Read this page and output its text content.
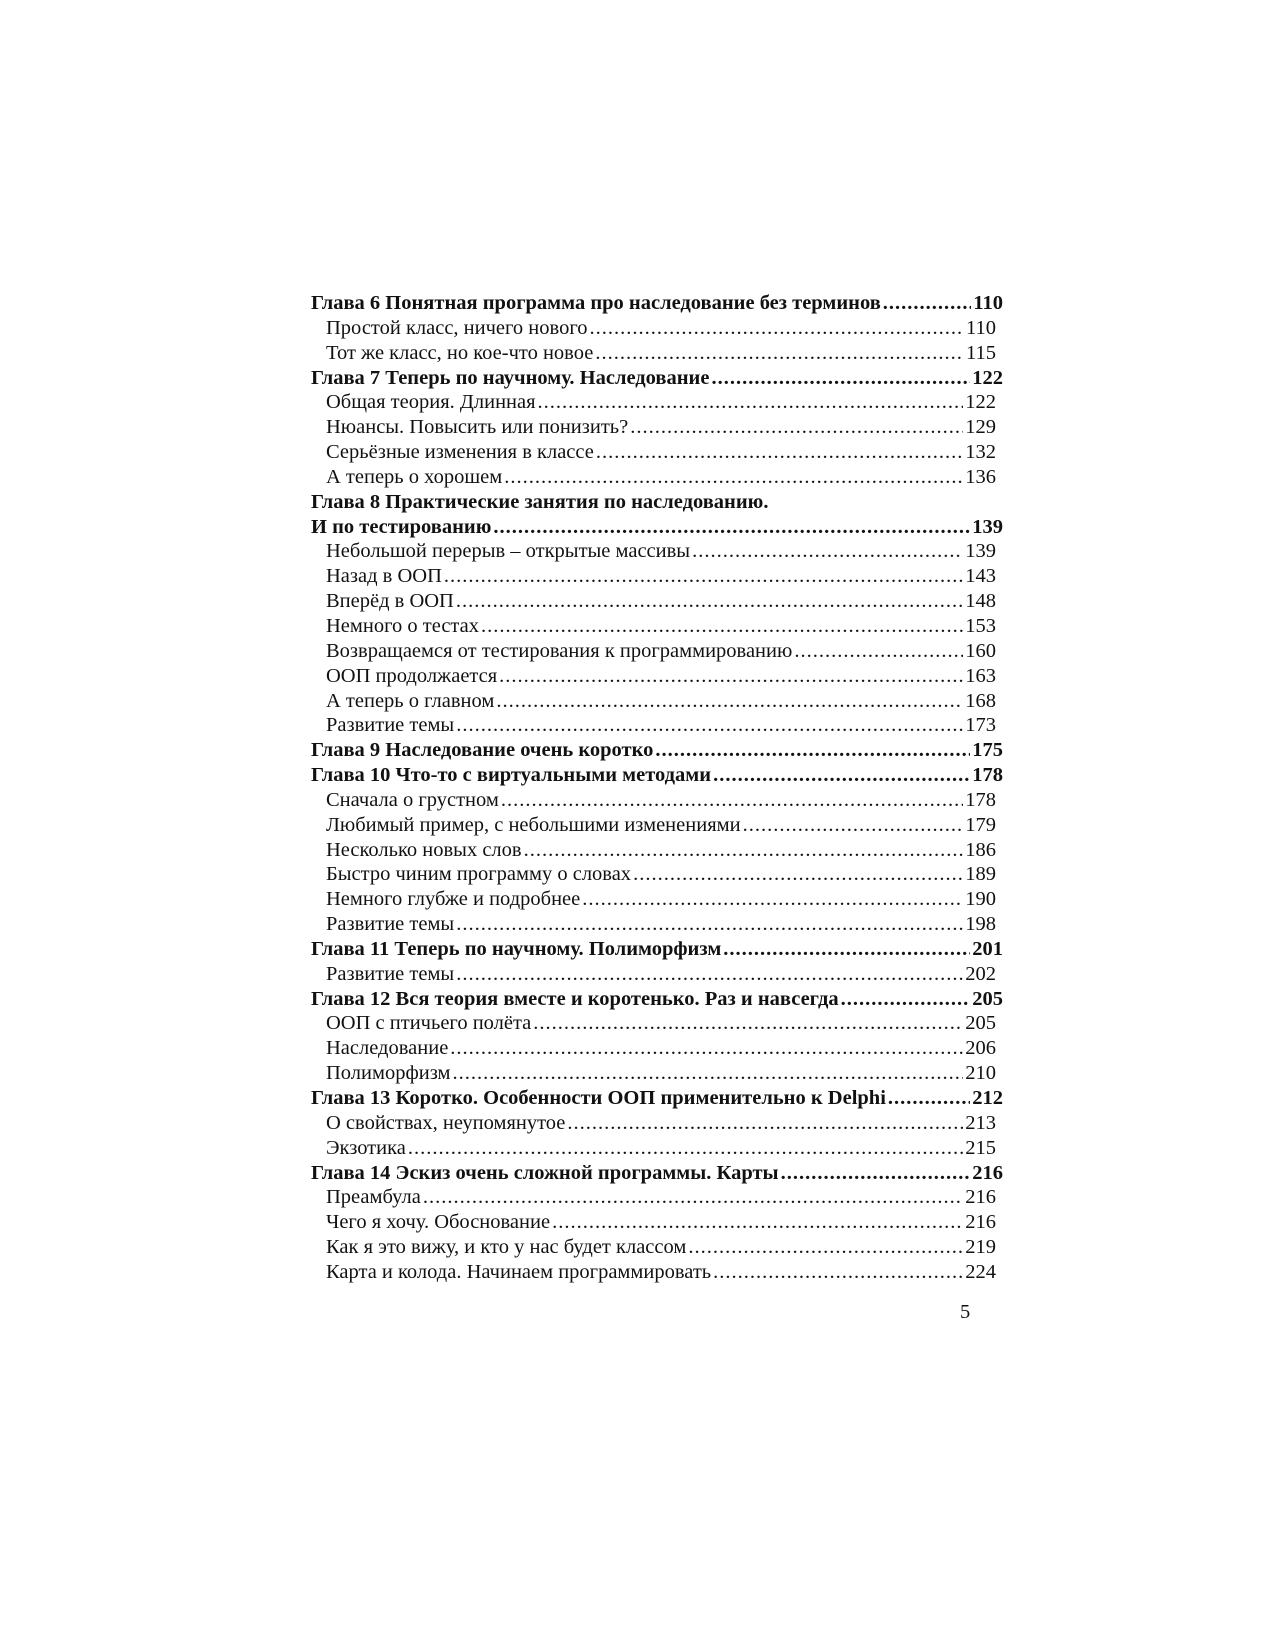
Глава 6 Понятная программа про наследование без терминов .....	110
Простой класс, ничего нового .....	110
Тот же класс, но кое-что новое .....	115
Глава 7 Теперь по научному. Наследование .....	122
Общая теория. Длинная .....	122
Нюансы. Повысить или понизить? .....	129
Серьёзные изменения в классе .....	132
А теперь о хорошем .....	136
Глава 8 Практические занятия по наследованию.
И по тестированию .....	139
Небольшой перерыв – открытые массивы .....	139
Назад в ООП .....	143
Вперёд в ООП .....	148
Немного о тестах .....	153
Возвращаемся от тестирования к программированию .....	160
ООП продолжается .....	163
А теперь о главном .....	168
Развитие темы .....	173
Глава 9 Наследование очень коротко .....	175
Глава 10 Что-то с виртуальными методами .....	178
Сначала о грустном .....	178
Любимый пример, с небольшими изменениями .....	179
Несколько новых слов .....	186
Быстро чиним программу о словах .....	189
Немного глубже и подробнее .....	190
Развитие темы .....	198
Глава 11 Теперь по научному. Полиморфизм .....	201
Развитие темы .....	202
Глава 12 Вся теория вместе и коротенько. Раз и навсегда .....	205
ООП с птичьего полёта .....	205
Наследование .....	206
Полиморфизм .....	210
Глава 13 Коротко. Особенности ООП применительно к Delphi .....	212
О свойствах, неупомянутое .....	213
Экзотика .....	215
Глава 14 Эскиз очень сложной программы. Карты .....	216
Преамбула .....	216
Чего я хочу. Обоснование .....	216
Как я это вижу, и кто у нас будет классом .....	219
Карта и колода. Начинаем программировать .....	224
5
